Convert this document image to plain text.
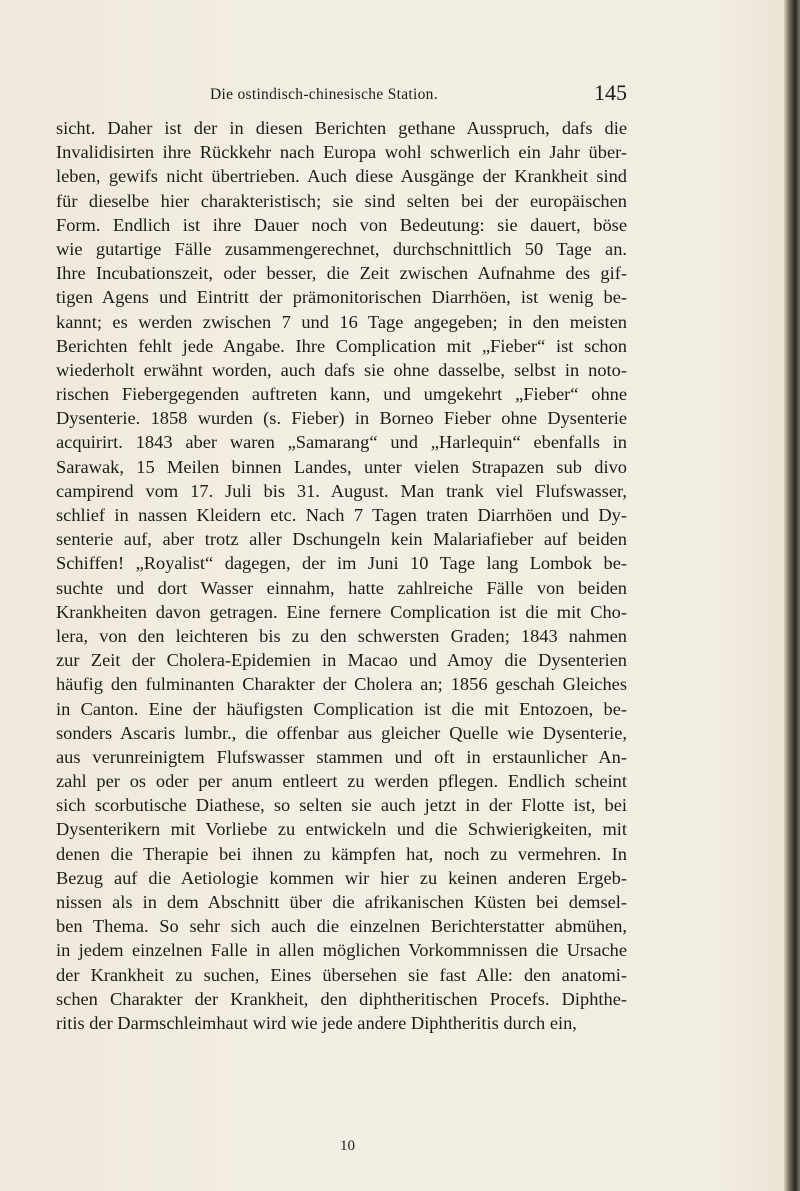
Die ostindisch-chinesische Station.	145
sicht. Daher ist der in diesen Berichten gethane Ausspruch, dafs die
Invalidisirten ihre Rückkehr nach Europa wohl schwerlich ein Jahr über-
leben, gewifs nicht übertrieben. Auch diese Ausgänge der Krankheit sind
für dieselbe hier charakteristisch; sie sind selten bei der europäischen
Form. Endlich ist ihre Dauer noch von Bedeutung: sie dauert, böse
wie gutartige Fälle zusammengerechnet, durchschnittlich 50 Tage an.
Ihre Incubationszeit, oder besser, die Zeit zwischen Aufnahme des gif-
tigen Agens und Eintritt der prämonitorischen Diarrhöen, ist wenig be-
kannt; es werden zwischen 7 und 16 Tage angegeben; in den meisten
Berichten fehlt jede Angabe. Ihre Complication mit „Fieber“ ist schon
wiederholt erwähnt worden, auch dafs sie ohne dasselbe, selbst in noto-
rischen Fiebergegenden auftreten kann, und umgekehrt „Fieber“ ohne
Dysenterie. 1858 wurden (s. Fieber) in Borneo Fieber ohne Dysenterie
acquirirt. 1843 aber waren „Samarang“ und „Harlequin“ ebenfalls in
Sarawak, 15 Meilen binnen Landes, unter vielen Strapazen sub divo
campirend vom 17. Juli bis 31. August. Man trank viel Flufswasser,
schlief in nassen Kleidern etc. Nach 7 Tagen traten Diarrhöen und Dy-
senterie auf, aber trotz aller Dschungeln kein Malariafieber auf beiden
Schiffen! „Royalist“ dagegen, der im Juni 10 Tage lang Lombok be-
suchte und dort Wasser einnahm, hatte zahlreiche Fälle von beiden
Krankheiten davon getragen. Eine fernere Complication ist die mit Cho-
lera, von den leichteren bis zu den schwersten Graden; 1843 nahmen
zur Zeit der Cholera-Epidemien in Macao und Amoy die Dysenterien
häufig den fulminanten Charakter der Cholera an; 1856 geschah Gleiches
in Canton. Eine der häufigsten Complication ist die mit Entozoen, be-
sonders Ascaris lumbr., die offenbar aus gleicher Quelle wie Dysenterie,
aus verunreinigtem Flufswasser stammen und oft in erstaunlicher An-
zahl per os oder per anum entleert zu werden pflegen. Endlich scheint
sich scorbutische Diathese, so selten sie auch jetzt in der Flotte ist, bei
Dysenterikern mit Vorliebe zu entwickeln und die Schwierigkeiten, mit
denen die Therapie bei ihnen zu kämpfen hat, noch zu vermehren. In
Bezug auf die Aetiologie kommen wir hier zu keinen anderen Ergeb-
nissen als in dem Abschnitt über die afrikanischen Küsten bei demsel-
ben Thema. So sehr sich auch die einzelnen Berichterstatter abmühen,
in jedem einzelnen Falle in allen möglichen Vorkommnissen die Ursache
der Krankheit zu suchen, Eines übersehen sie fast Alle: den anatomi-
schen Charakter der Krankheit, den diphtheritischen Procefs. Diphthe-
ritis der Darmschleimhaut wird wie jede andere Diphtheritis durch ein,
10
